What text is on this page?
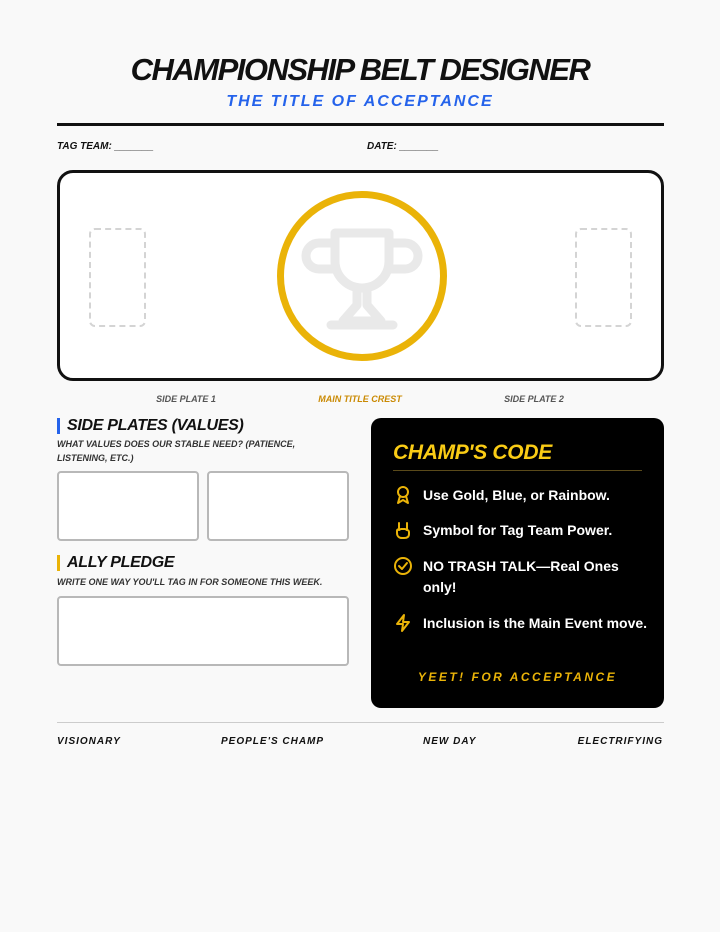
CHAMPIONSHIP BELT DESIGNER
THE TITLE OF ACCEPTANCE
TAG TEAM: _______	DATE: _______
SIDE PLATE 1	MAIN TITLE CREST	SIDE PLATE 2
SIDE PLATES (VALUES)
WHAT VALUES DOES OUR STABLE NEED? (PATIENCE, LISTENING, ETC.)
ALLY PLEDGE
WRITE ONE WAY YOU'LL TAG IN FOR SOMEONE THIS WEEK.
CHAMP'S CODE
Use Gold, Blue, or Rainbow.
Symbol for Tag Team Power.
NO TRASH TALK—Real Ones only!
Inclusion is the Main Event move.
YEET! FOR ACCEPTANCE
VISIONARY	PEOPLE'S CHAMP	NEW DAY	ELECTRIFYING
